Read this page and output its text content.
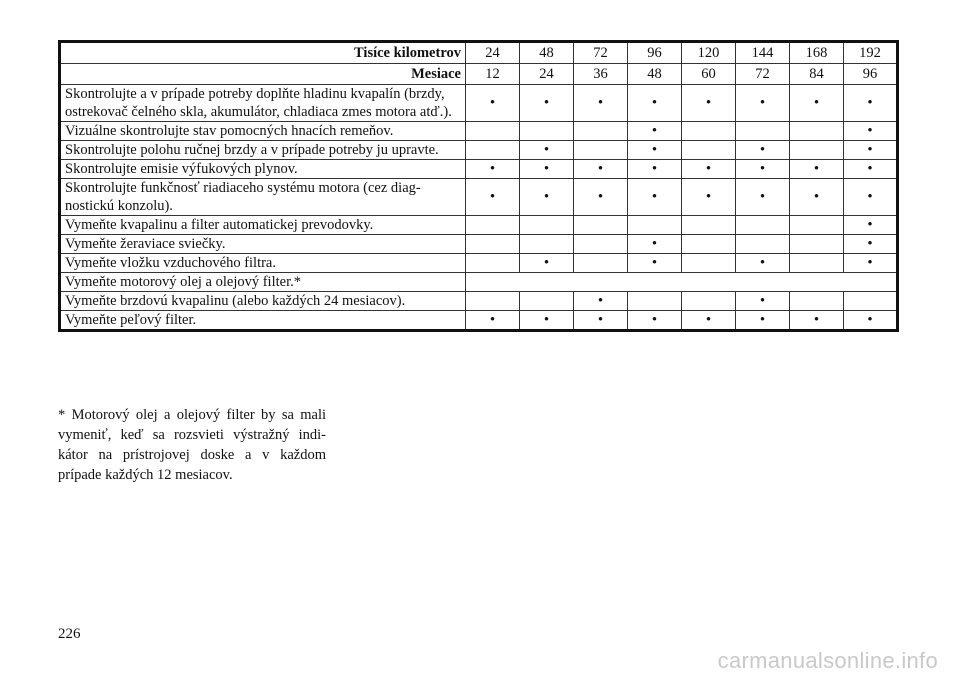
Tisíce kilometrov	24	48	72	96	120	144	168	192
Mesiace	12	24	36	48	60	72	84	96
Skontrolujte a v prípade potreby doplňte hladinu kvapalín (brzdy, ostrekovač čelného skla, akumulátor, chladiaca zmes motora atď.).	•	•	•	•	•	•	•	•
Vizuálne skontrolujte stav pomocných hnacích remeňov.				•				•
Skontrolujte polohu ručnej brzdy a v prípade potreby ju upravte.		•		•		•		•
Skontrolujte emisie výfukových plynov.	•	•	•	•	•	•	•	•
Skontrolujte funkčnosť riadiaceho systému motora (cez diag-nostickú konzolu).	•	•	•	•	•	•	•	•
Vymeňte kvapalinu a filter automatickej prevodovky.								•
Vymeňte žeraviace sviečky.				•				•
Vymeňte vložku vzduchového filtra.		•		•		•		•
Vymeňte motorový olej a olejový filter.*								
Vymeňte brzdovú kvapalinu (alebo každých 24 mesiacov).			•			•		
Vymeňte peľový filter.	•	•	•	•	•	•	•	•

* Motorový olej a olejový filter by sa mali vymeniť, keď sa rozsvieti výstražný indi-kátor na prístrojovej doske a v každom prípade každých 12 mesiacov.

226
carmanualsonline.info
